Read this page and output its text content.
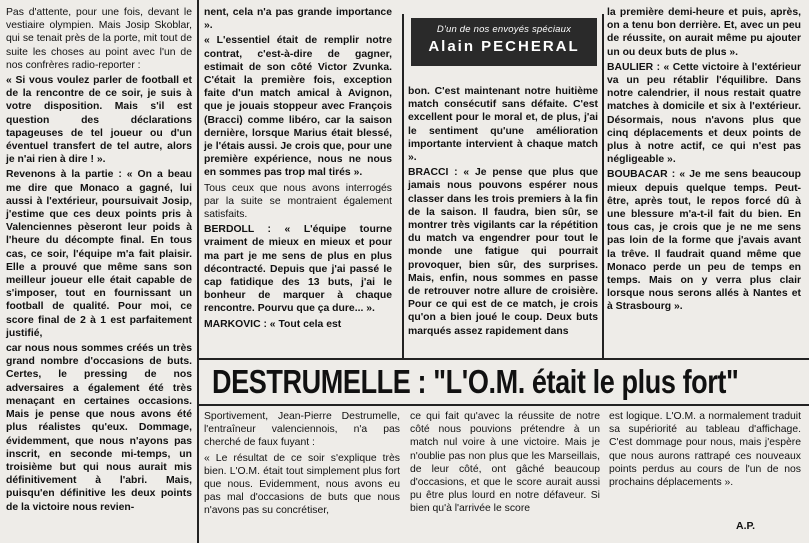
Pas d'attente, pour une fois, devant le vestiaire olympien. Mais Josip Skoblar, qui se tenait près de la porte, mit tout de suite les choses au point avec l'un de nos confrères radio-reporter :

« Si vous voulez parler de football et de la rencontre de ce soir, je suis à votre disposition. Mais s'il est question des déclarations tapageuses de tel joueur ou d'un éventuel transfert de tel autre, alors je n'ai rien à dire ! ».

Revenons à la partie : « On a beau me dire que Monaco a gagné, lui aussi à l'extérieur, poursuivait Josip, j'estime que ces deux points pris à Valenciennes pèseront leur poids à l'heure du décompte final. En tous cas, ce soir, l'équipe m'a fait plaisir. Elle a prouvé que même sans son meilleur joueur elle était capable de s'imposer, tout en fournissant un football de qualité. Pour moi, ce score final de 2 à 1 est parfaitement justifié,

car nous nous sommes créés un très grand nombre d'occasions de buts. Certes, le pressing de nos adversaires a également été très menaçant en certaines occasions. Mais je pense que nous avons été plus réalistes qu'eux. Dommage, évidemment, que nous n'ayons pas inscrit, en seconde mi-temps, un troisième but qui nous aurait mis définitivement à l'abri. Mais, puisqu'en définitive les deux points de la victoire nous revien-

nent, cela n'a pas grande importance ».

« L'essentiel était de remplir notre contrat, c'est-à-dire de gagner, estimait de son côté Victor Zvunka. C'était la première fois, exception faite d'un match amical à Avignon, que je jouais stoppeur avec François (Bracci) comme libéro, car la saison dernière, lorsque Marius était blessé, je l'étais aussi. Je crois que, pour une première expérience, nous ne nous en sommes pas trop mal tirés ».

Tous ceux que nous avons interrogés par la suite se montraient également satisfaits.

BERDOLL : « L'équipe tourne vraiment de mieux en mieux et pour ma part je me sens de plus en plus décontracté. Depuis que j'ai passé le cap fatidique des 13 buts, j'ai le bonheur de marquer à chaque rencontre. Pourvu que ça dure... ».

MARKOVIC : « Tout cela est

D'un de nos envoyés spéciaux
Alain PECHERAL

bon. C'est maintenant notre huitième match consécutif sans défaite. C'est excellent pour le moral et, de plus, j'ai le sentiment qu'une amélioration importante intervient à chaque match ».

BRACCI : « Je pense que plus que jamais nous pouvons espérer nous classer dans les trois premiers à la fin de la saison. Il faudra, bien sûr, se montrer très vigilants car la répétition du match va engendrer pour tout le monde une fatigue qui pourrait provoquer, bien sûr, des surprises. Mais, enfin, nous sommes en passe de retrouver notre allure de croisière. Pour ce qui est de ce match, je crois qu'on a bien joué le coup. Deux buts marqués assez rapidement dans

la première demi-heure et puis, après, on a tenu bon derrière. Et, avec un peu de réussite, on aurait même pu ajouter un ou deux buts de plus ».

BAULIER : « Cette victoire à l'extérieur va un peu rétablir l'équilibre. Dans notre calendrier, il nous restait quatre matches à domicile et six à l'extérieur. Désormais, nous n'avons plus que cinq déplacements et deux points de plus à notre actif, ce qui n'est pas négligeable ».

BOUBACAR : « Je me sens beaucoup mieux depuis quelque temps. Peut-être, après tout, le repos forcé dû à une blessure m'a-t-il fait du bien. En tous cas, je crois que je ne me sens pas loin de la forme que j'avais avant la trêve. Il faudrait quand même que Monaco perde un peu de temps en temps. Mais on y verra plus clair lorsque nous serons allés à Nantes et à Strasbourg ».

DESTRUMELLE : "L'O.M. était le plus fort"

Sportivement, Jean-Pierre Destrumelle, l'entraîneur valenciennois, n'a pas cherché de faux fuyant :

« Le résultat de ce soir s'explique très bien. L'O.M. était tout simplement plus fort que nous. Evidemment, nous avons eu pas mal d'occasions de buts que nous n'avons pas su concrétiser,

ce qui fait qu'avec la réussite de notre côté nous pouvions prétendre à un match nul voire à une victoire. Mais je n'oublie pas non plus que les Marseillais, de leur côté, ont gâché beaucoup d'occasions, et que le score aurait aussi pu être plus lourd en notre défaveur. Si bien qu'à l'arrivée le score

est logique. L'O.M. a normalement traduit sa supériorité au tableau d'affichage. C'est dommage pour nous, mais j'espère que nous aurons rattrapé ces nouveaux points perdus au cours de l'un de nos prochains déplacements ».

A.P.
